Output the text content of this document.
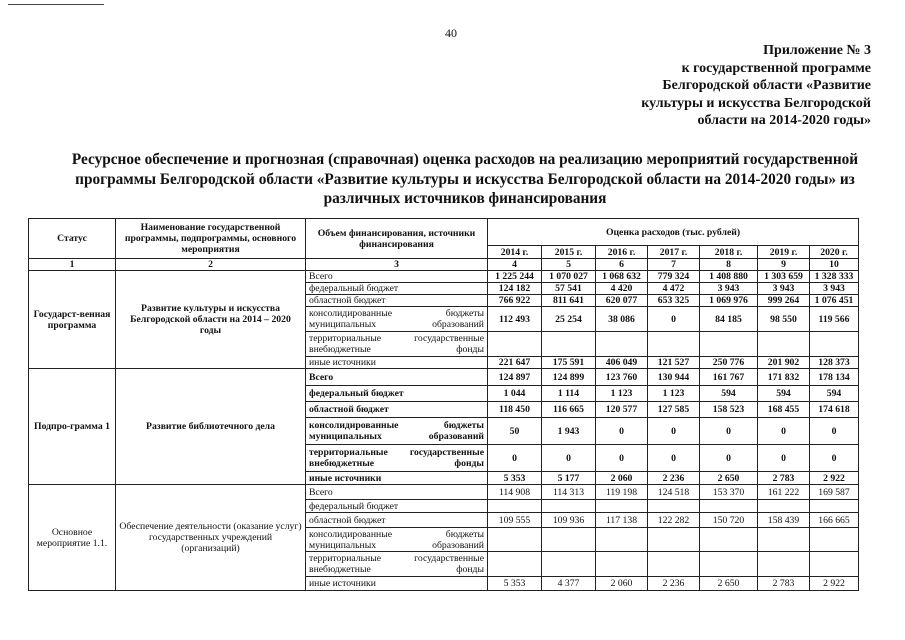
40
Приложение № 3
к государственной программе
Белгородской области «Развитие
культуры и искусства Белгородской
области на 2014-2020 годы»
Ресурсное обеспечение и прогнозная (справочная) оценка расходов на реализацию мероприятий государственной
программы Белгородской области «Развитие культуры и искусства Белгородской области на 2014-2020 годы» из
различных источников финансирования
Статус	Наименование государственной программы, подпрограммы, основного мероприятия	Объем финансирования, источники финансирования	Оценка расходов (тыс. рублей)						
			2014 г.	2015 г.	2016 г.	2017 г.	2018 г.	2019 г.	2020 г.
1	2	3	4	5	6	7	8	9	10
Государст-венная программа	Развитие культуры и искусства Белгородской области на 2014 – 2020 годы	Всего	1 225 244	1 070 027	1 068 632	779 324	1 408 880	1 303 659	1 328 333
		федеральный бюджет	124 182	57 541	4 420	4 472	3 943	3 943	3 943
		областной бюджет	766 922	811 641	620 077	653 325	1 069 976	999 264	1 076 451
		консолидированные бюджеты муниципальных образований	112 493	25 254	38 086	0	84 185	98 550	119 566
		территориальные государственные внебюджетные фонды							
		иные источники	221 647	175 591	406 049	121 527	250 776	201 902	128 373
Подпро-грамма 1	Развитие библиотечного дела	Всего	124 897	124 899	123 760	130 944	161 767	171 832	178 134
		федеральный бюджет	1 044	1 114	1 123	1 123	594	594	594
		областной бюджет	118 450	116 665	120 577	127 585	158 523	168 455	174 618
		консолидированные бюджеты муниципальных образований	50	1 943	0	0	0	0	0
		территориальные государственные внебюджетные фонды	0	0	0	0	0	0	0
		иные источники	5 353	5 177	2 060	2 236	2 650	2 783	2 922
Основное мероприятие 1.1.	Обеспечение деятельности (оказание услуг) государственных учреждений (организаций)	Всего	114 908	114 313	119 198	124 518	153 370	161 222	169 587
		федеральный бюджет							
		областной бюджет	109 555	109 936	117 138	122 282	150 720	158 439	166 665
		консолидированные бюджеты муниципальных образований							
		территориальные государственные внебюджетные фонды							
		иные источники	5 353	4 377	2 060	2 236	2 650	2 783	2 922
